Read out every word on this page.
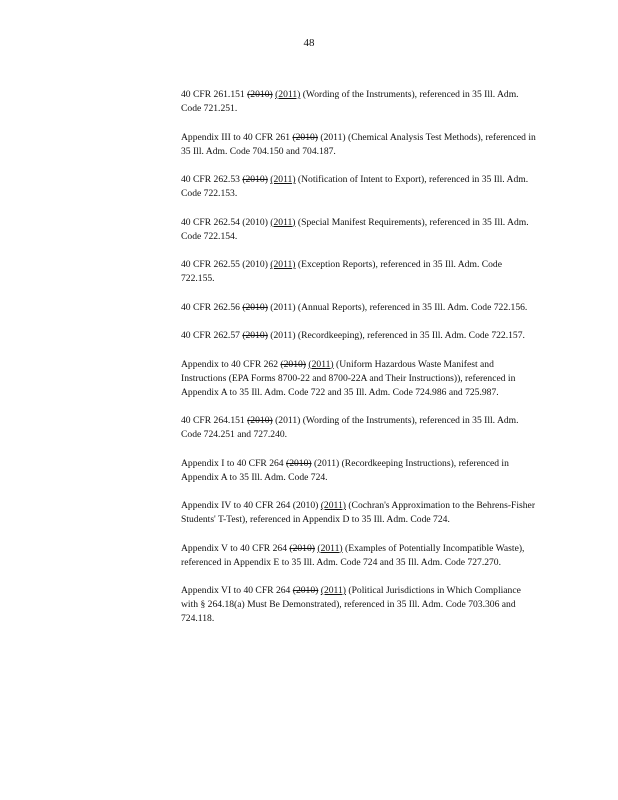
48

40 CFR 261.151 (2010) (2011) (Wording of the Instruments), referenced in 35 Ill. Adm. Code 721.251.

Appendix III to 40 CFR 261 (2010) (2011) (Chemical Analysis Test Methods), referenced in 35 Ill. Adm. Code 704.150 and 704.187.

40 CFR 262.53 (2010) (2011) (Notification of Intent to Export), referenced in 35 Ill. Adm. Code 722.153.

40 CFR 262.54 (2010) (2011) (Special Manifest Requirements), referenced in 35 Ill. Adm. Code 722.154.

40 CFR 262.55 (2010) (2011) (Exception Reports), referenced in 35 Ill. Adm. Code 722.155.

40 CFR 262.56 (2010) (2011) (Annual Reports), referenced in 35 Ill. Adm. Code 722.156.

40 CFR 262.57 (2010) (2011) (Recordkeeping), referenced in 35 Ill. Adm. Code 722.157.

Appendix to 40 CFR 262 (2010) (2011) (Uniform Hazardous Waste Manifest and Instructions (EPA Forms 8700-22 and 8700-22A and Their Instructions)), referenced in Appendix A to 35 Ill. Adm. Code 722 and 35 Ill. Adm. Code 724.986 and 725.987.

40 CFR 264.151 (2010) (2011) (Wording of the Instruments), referenced in 35 Ill. Adm. Code 724.251 and 727.240.

Appendix I to 40 CFR 264 (2010) (2011) (Recordkeeping Instructions), referenced in Appendix A to 35 Ill. Adm. Code 724.

Appendix IV to 40 CFR 264 (2010) (2011) (Cochran's Approximation to the Behrens-Fisher Students' T-Test), referenced in Appendix D to 35 Ill. Adm. Code 724.

Appendix V to 40 CFR 264 (2010) (2011) (Examples of Potentially Incompatible Waste), referenced in Appendix E to 35 Ill. Adm. Code 724 and 35 Ill. Adm. Code 727.270.

Appendix VI to 40 CFR 264 (2010) (2011) (Political Jurisdictions in Which Compliance with § 264.18(a) Must Be Demonstrated), referenced in 35 Ill. Adm. Code 703.306 and 724.118.
